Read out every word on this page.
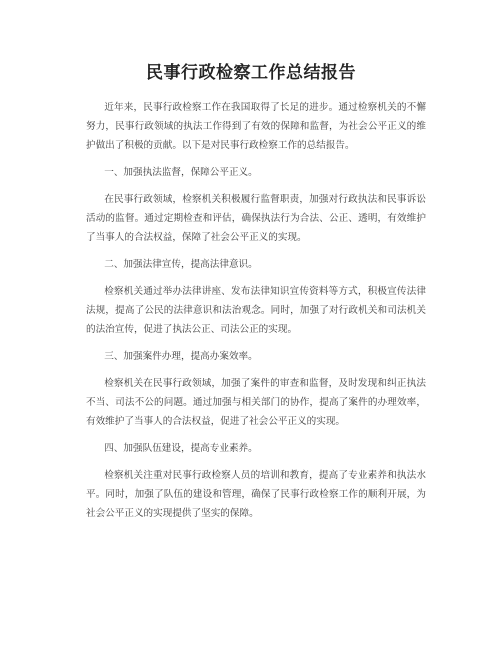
民事行政检察工作总结报告

近年来，民事行政检察工作在我国取得了长足的进步。通过检察机关的不懈努力，民事行政领域的执法工作得到了有效的保障和监督，为社会公平正义的维护做出了积极的贡献。以下是对民事行政检察工作的总结报告。

一、加强执法监督，保障公平正义。

在民事行政领域，检察机关积极履行监督职责，加强对行政执法和民事诉讼活动的监督。通过定期检查和评估，确保执法行为合法、公正、透明，有效维护了当事人的合法权益，保障了社会公平正义的实现。

二、加强法律宣传，提高法律意识。

检察机关通过举办法律讲座、发布法律知识宣传资料等方式，积极宣传法律法规，提高了公民的法律意识和法治观念。同时，加强了对行政机关和司法机关的法治宣传，促进了执法公正、司法公正的实现。

三、加强案件办理，提高办案效率。

检察机关在民事行政领域，加强了案件的审查和监督，及时发现和纠正执法不当、司法不公的问题。通过加强与相关部门的协作，提高了案件的办理效率，有效维护了当事人的合法权益，促进了社会公平正义的实现。

四、加强队伍建设，提高专业素养。

检察机关注重对民事行政检察人员的培训和教育，提高了专业素养和执法水平。同时，加强了队伍的建设和管理，确保了民事行政检察工作的顺利开展，为社会公平正义的实现提供了坚实的保障。
